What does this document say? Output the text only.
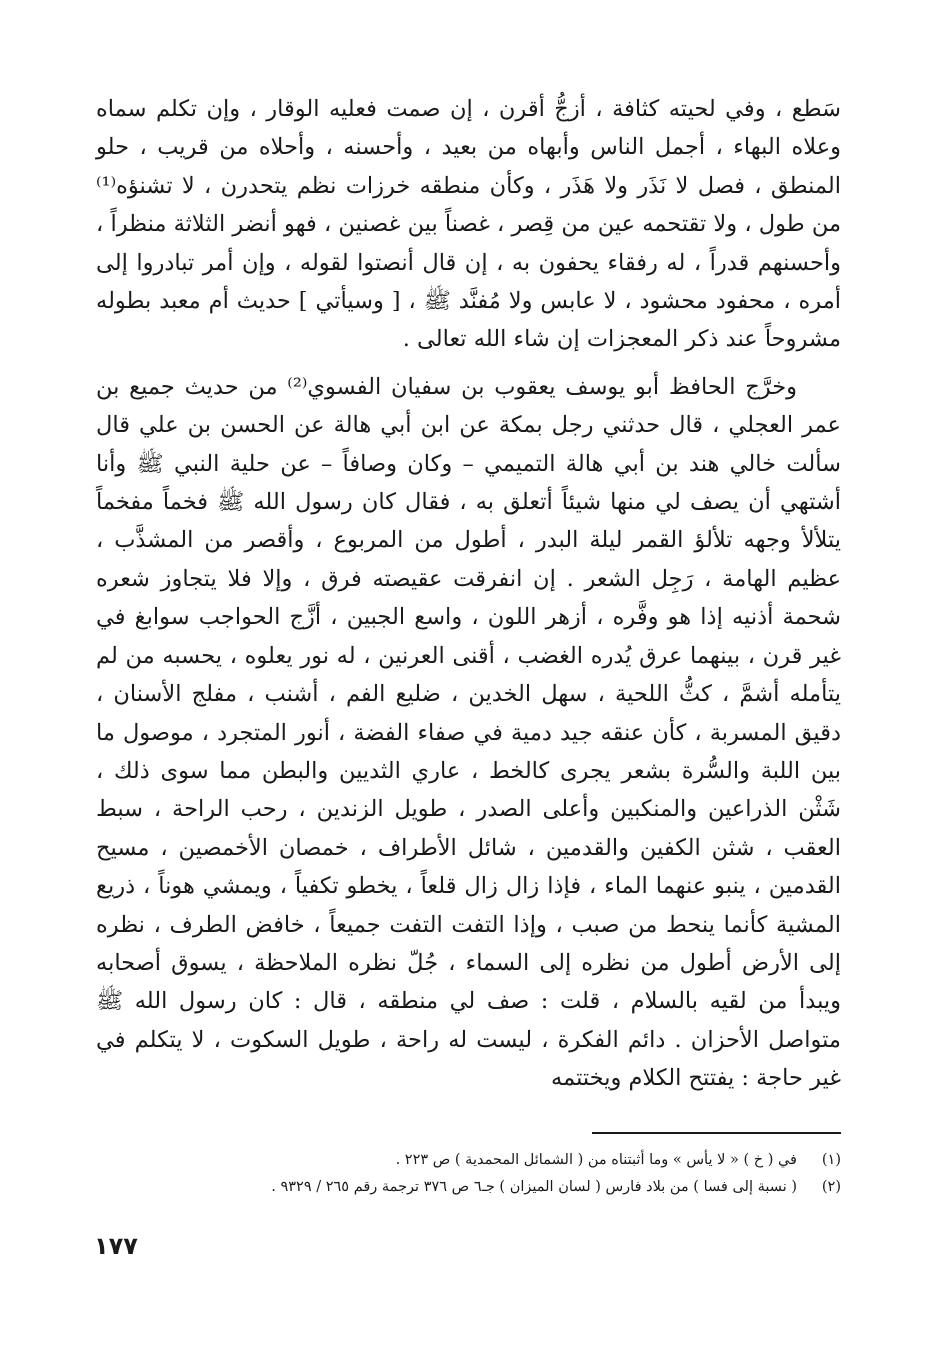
سَطع ، وفي لحيته كثافة ، أزجُّ أقرن ، إن صمت فعليه الوقار ، وإن تكلم سماه وعلاه البهاء ، أجمل الناس وأبهاه من بعيد ، وأحسنه ، وأحلاه من قريب ، حلو المنطق ، فصل لا نَذَر ولا هَذَر ، وكأن منطقه خرزات نظم يتحدرن ، لا تشنؤه⁽¹⁾ من طول ، ولا تقتحمه عين من قِصر ، غصناً بين غصنين ، فهو أنضر الثلاثة منظراً ، وأحسنهم قدراً ، له رفقاء يحفون به ، إن قال أنصتوا لقوله ، وإن أمر تبادروا إلى أمره ، محفود محشود ، لا عابس ولا مُفنَّد ﷺ ، [ وسيأتي ] حديث أم معبد بطوله مشروحاً عند ذكر المعجزات إن شاء الله تعالى .

وخرَّج الحافظ أبو يوسف يعقوب بن سفيان الفسوي⁽²⁾ من حديث جميع بن عمر العجلي ، قال حدثني رجل بمكة عن ابن أبي هالة عن الحسن بن علي قال سألت خالي هند بن أبي هالة التميمي – وكان وصافاً – عن حلية النبي ﷺ وأنا أشتهي أن يصف لي منها شيئاً أتعلق به ، فقال كان رسول الله ﷺ فخماً مفخماً يتلألأ وجهه تلألؤ القمر ليلة البدر ، أطول من المربوع ، وأقصر من المشذَّب ، عظيم الهامة ، رَجِل الشعر . إن انفرقت عقيصته فرق ، وإلا فلا يتجاوز شعره شحمة أذنيه إذا هو وفَّره ، أزهر اللون ، واسع الجبين ، أزَّج الحواجب سوابغ في غير قرن ، بينهما عرق يُدره الغضب ، أقنى العرنين ، له نور يعلوه ، يحسبه من لم يتأمله أشمَّ ، كثُّ اللحية ، سهل الخدين ، ضليع الفم ، أشنب ، مفلج الأسنان ، دقيق المسربة ، كأن عنقه جيد دمية في صفاء الفضة ، أنور المتجرد ، موصول ما بين اللبة والسُّرة بشعر يجرى كالخط ، عاري الثديين والبطن مما سوى ذلك ، شَثْن الذراعين والمنكبين وأعلى الصدر ، طويل الزندين ، رحب الراحة ، سبط العقب ، شثن الكفين والقدمين ، شائل الأطراف ، خمصان الأخمصين ، مسيح القدمين ، ينبو عنهما الماء ، فإذا زال زال قلعاً ، يخطو تكفياً ، ويمشي هوناً ، ذريع المشية كأنما ينحط من صبب ، وإذا التفت التفت جميعاً ، خافض الطرف ، نظره إلى الأرض أطول من نظره إلى السماء ، جُلّ نظره الملاحظة ، يسوق أصحابه ويبدأ من لقيه بالسلام ، قلت : صف لي منطقه ، قال : كان رسول الله ﷺ متواصل الأحزان . دائم الفكرة ، ليست له راحة ، طويل السكوت ، لا يتكلم في غير حاجة : يفتتح الكلام ويختتمه

(١)
في ( خ ) « لا يأس » وما أثبتناه من ( الشمائل المحمدية ) ص ٢٢٣ .
(٢)
( نسبة إلى فسا ) من بلاد فارس ( لسان الميزان ) جـ٦ ص ٣٧٦ ترجمة رقم ٢٦٥ / ٩٣٢٩ .
١٧٧
